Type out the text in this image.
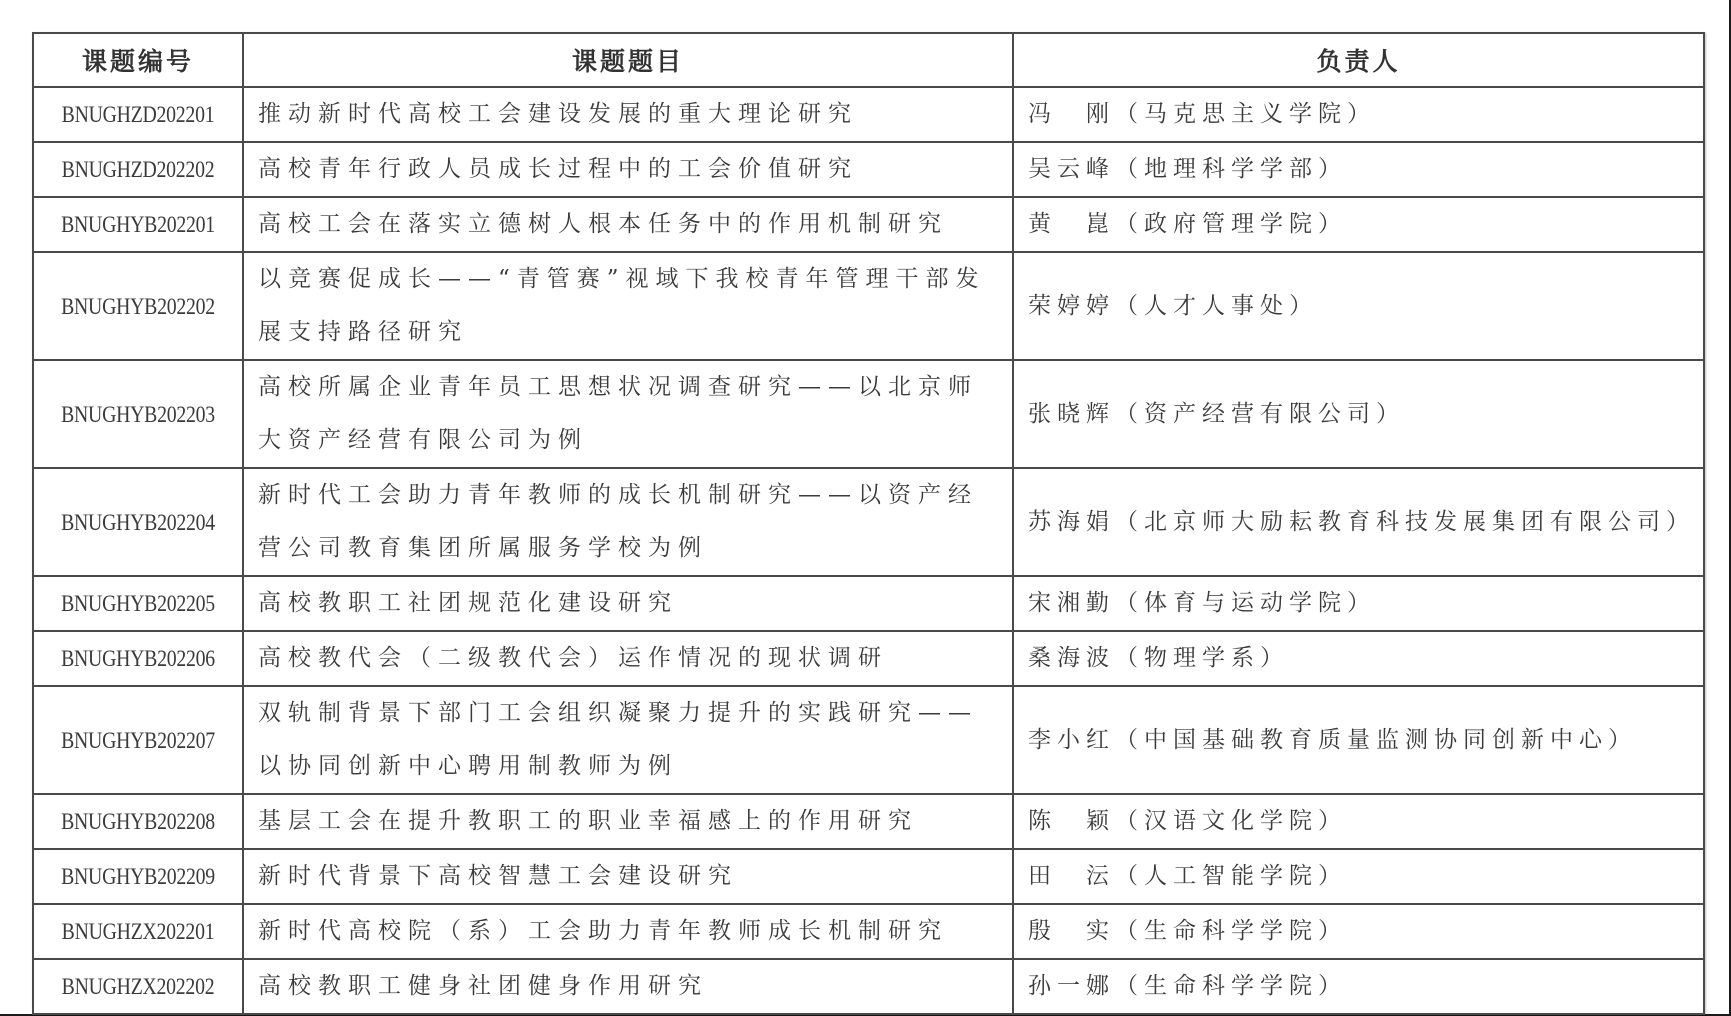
课题编号	课题题目	负责人
BNUGHZD202201	推动新时代高校工会建设发展的重大理论研究	冯　刚（马克思主义学院）
BNUGHZD202202	高校青年行政人员成长过程中的工会价值研究	吴云峰（地理科学学部）
BNUGHYB202201	高校工会在落实立德树人根本任务中的作用机制研究	黄　崑（政府管理学院）
BNUGHYB202202	以竞赛促成长——“青管赛”视域下我校青年管理干部发展支持路径研究	荣婷婷（人才人事处）
BNUGHYB202203	高校所属企业青年员工思想状况调查研究——以北京师大资产经营有限公司为例	张晓辉（资产经营有限公司）
BNUGHYB202204	新时代工会助力青年教师的成长机制研究——以资产经营公司教育集团所属服务学校为例	苏海娟（北京师大励耘教育科技发展集团有限公司）
BNUGHYB202205	高校教职工社团规范化建设研究	宋湘勤（体育与运动学院）
BNUGHYB202206	高校教代会（二级教代会）运作情况的现状调研	桑海波（物理学系）
BNUGHYB202207	双轨制背景下部门工会组织凝聚力提升的实践研究——以协同创新中心聘用制教师为例	李小红（中国基础教育质量监测协同创新中心）
BNUGHYB202208	基层工会在提升教职工的职业幸福感上的作用研究	陈　颖（汉语文化学院）
BNUGHYB202209	新时代背景下高校智慧工会建设研究	田　沄（人工智能学院）
BNUGHZX202201	新时代高校院（系）工会助力青年教师成长机制研究	殷　实（生命科学学院）
BNUGHZX202202	高校教职工健身社团健身作用研究	孙一娜（生命科学学院）
